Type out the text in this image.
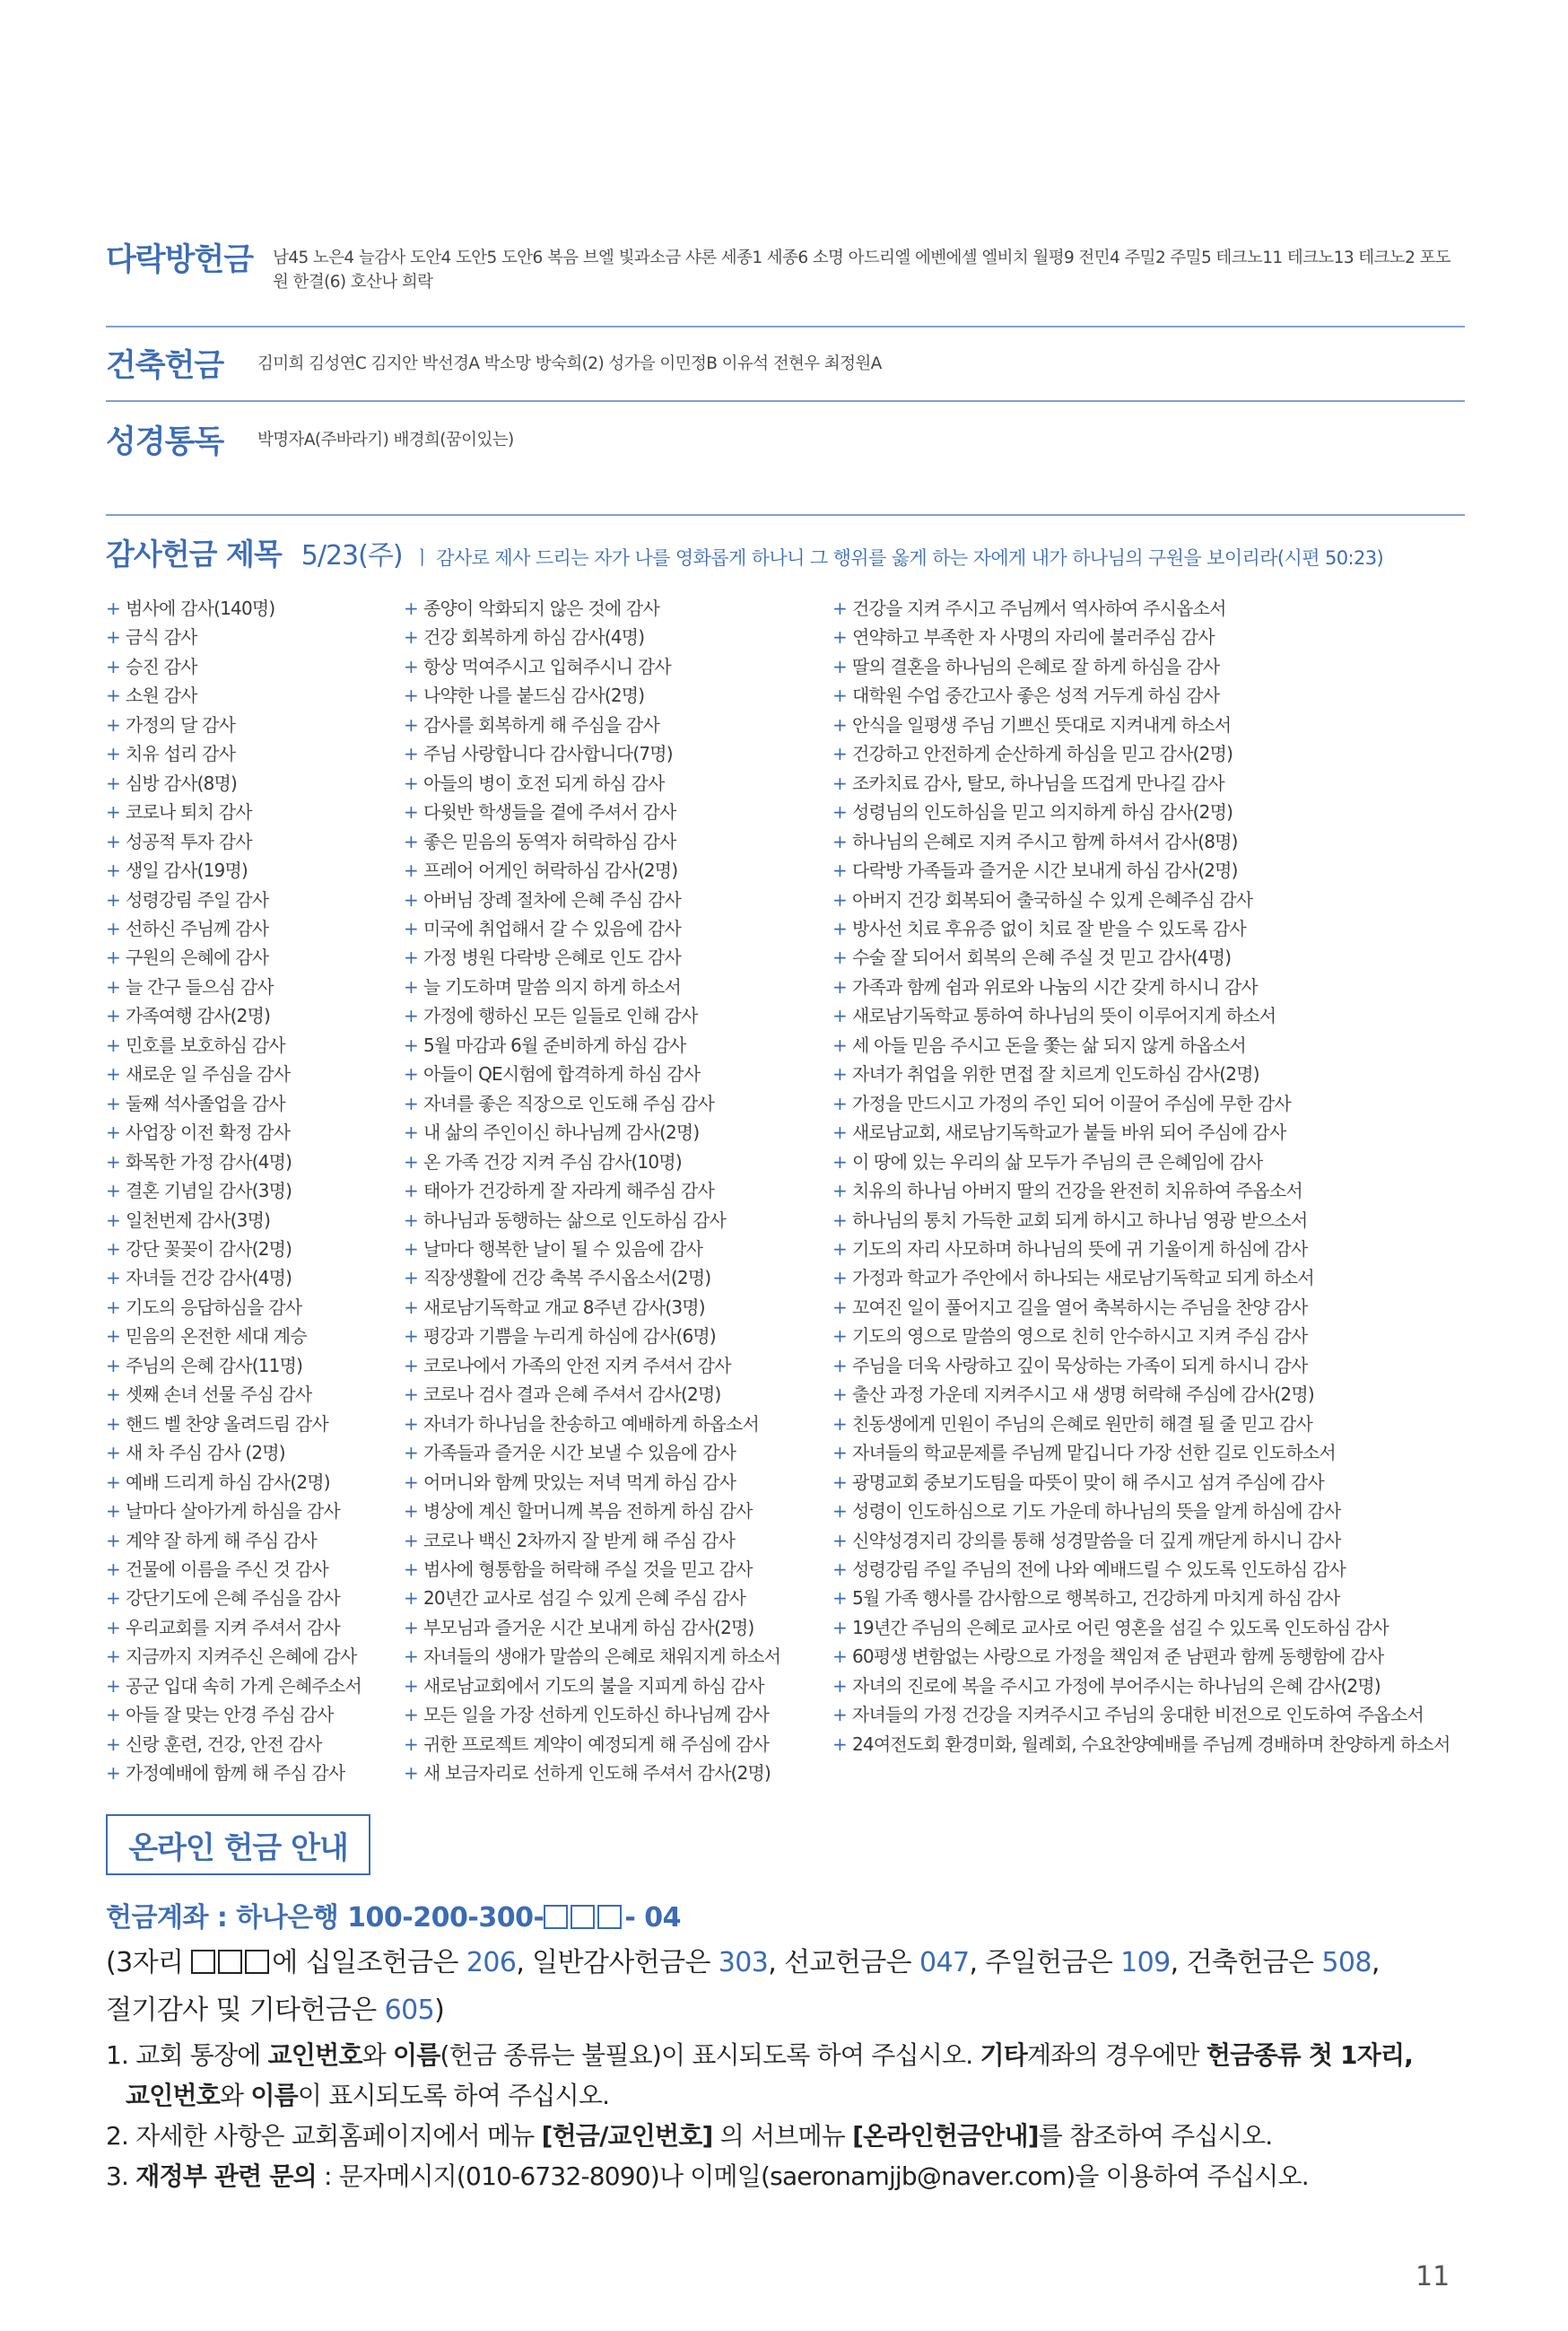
다락방헌금 남45 노은4 늘감사 도안4 도안5 도안6 복음 브엘 빛과소금 샤론 세종1 세종6 소명 아드리엘 에벤에셀 엘비치 월평9 전민4 주밀2 주밀5 테크노11 테크노13 테크노2 포도원 한결(6) 호산나 희락
건축헌금 김미희 김성연C 김지안 박선경A 박소망 방숙희(2) 성가을 이민정B 이유석 전현우 최정원A
성경통독 박명자A(주바라기) 배경희(꿈이있는)
감사헌금 제목 5/23(주) ㅣ 감사로 제사 드리는 자가 나를 영화롭게 하나니 그 행위를 옳게 하는 자에게 내가 하나님의 구원을 보이리라(시편 50:23)
+ 범사에 감사(140명)
+ 금식 감사
+ 승진 감사
+ 소원 감사
+ 가정의 달 감사
+ 치유 섭리 감사
+ 심방 감사(8명)
+ 코로나 퇴치 감사
+ 성공적 투자 감사
+ 생일 감사(19명)
+ 성령강림 주일 감사
+ 선하신 주님께 감사
+ 구원의 은혜에 감사
+ 늘 간구 들으심 감사
+ 가족여행 감사(2명)
+ 민호를 보호하심 감사
+ 새로운 일 주심을 감사
+ 둘째 석사졸업을 감사
+ 사업장 이전 확정 감사
+ 화목한 가정 감사(4명)
+ 결혼 기념일 감사(3명)
+ 일천번제 감사(3명)
+ 강단 꽃꽂이 감사(2명)
+ 자녀들 건강 감사(4명)
+ 기도의 응답하심을 감사
+ 믿음의 온전한 세대 계승
+ 주님의 은혜 감사(11명)
+ 셋째 손녀 선물 주심 감사
+ 핸드 벨 찬양 올려드림 감사
+ 새 차 주심 감사 (2명)
+ 예배 드리게 하심 감사(2명)
+ 날마다 살아가게 하심을 감사
+ 계약 잘 하게 해 주심 감사
+ 건물에 이름을 주신 것 감사
+ 강단기도에 은혜 주심을 감사
+ 우리교회를 지켜 주셔서 감사
+ 지금까지 지켜주신 은혜에 감사
+ 공군 입대 속히 가게 은혜주소서
+ 아들 잘 맞는 안경 주심 감사
+ 신랑 훈련, 건강, 안전 감사
+ 가정예배에 함께 해 주심 감사
+ 종양이 악화되지 않은 것에 감사
+ 건강 회복하게 하심 감사(4명)
+ 항상 먹여주시고 입혀주시니 감사
+ 나약한 나를 붙드심 감사(2명)
+ 감사를 회복하게 해 주심을 감사
+ 주님 사랑합니다 감사합니다(7명)
+ 아들의 병이 호전 되게 하심 감사
+ 다윗반 학생들을 곁에 주셔서 감사
+ 좋은 믿음의 동역자 허락하심 감사
+ 프레어 어게인 허락하심 감사(2명)
+ 아버님 장례 절차에 은혜 주심 감사
+ 미국에 취업해서 갈 수 있음에 감사
+ 가정 병원 다락방 은혜로 인도 감사
+ 늘 기도하며 말씀 의지 하게 하소서
+ 가정에 행하신 모든 일들로 인해 감사
+ 5월 마감과 6월 준비하게 하심 감사
+ 아들이 QE시험에 합격하게 하심 감사
+ 자녀를 좋은 직장으로 인도해 주심 감사
+ 내 삶의 주인이신 하나님께 감사(2명)
+ 온 가족 건강 지켜 주심 감사(10명)
+ 태아가 건강하게 잘 자라게 해주심 감사
+ 하나님과 동행하는 삶으로 인도하심 감사
+ 날마다 행복한 날이 될 수 있음에 감사
+ 직장생활에 건강 축복 주시옵소서(2명)
+ 새로남기독학교 개교 8주년 감사(3명)
+ 평강과 기쁨을 누리게 하심에 감사(6명)
+ 코로나에서 가족의 안전 지켜 주셔서 감사
+ 코로나 검사 결과 은혜 주셔서 감사(2명)
+ 자녀가 하나님을 찬송하고 예배하게 하옵소서
+ 가족들과 즐거운 시간 보낼 수 있음에 감사
+ 어머니와 함께 맛있는 저녁 먹게 하심 감사
+ 병상에 계신 할머니께 복음 전하게 하심 감사
+ 코로나 백신 2차까지 잘 받게 해 주심 감사
+ 범사에 형통함을 허락해 주실 것을 믿고 감사
+ 20년간 교사로 섬길 수 있게 은혜 주심 감사
+ 부모님과 즐거운 시간 보내게 하심 감사(2명)
+ 자녀들의 생애가 말씀의 은혜로 채워지게 하소서
+ 새로남교회에서 기도의 불을 지피게 하심 감사
+ 모든 일을 가장 선하게 인도하신 하나님께 감사
+ 귀한 프로젝트 계약이 예정되게 해 주심에 감사
+ 새 보금자리로 선하게 인도해 주셔서 감사(2명)
+ 건강을 지켜 주시고 주님께서 역사하여 주시옵소서
+ 연약하고 부족한 자 사명의 자리에 불러주심 감사
+ 딸의 결혼을 하나님의 은혜로 잘 하게 하심을 감사
+ 대학원 수업 중간고사 좋은 성적 거두게 하심 감사
+ 안식을 일평생 주님 기쁘신 뜻대로 지켜내게 하소서
+ 건강하고 안전하게 순산하게 하심을 믿고 감사(2명)
+ 조카치료 감사, 탈모, 하나님을 뜨겁게 만나길 감사
+ 성령님의 인도하심을 믿고 의지하게 하심 감사(2명)
+ 하나님의 은혜로 지켜 주시고 함께 하셔서 감사(8명)
+ 다락방 가족들과 즐거운 시간 보내게 하심 감사(2명)
+ 아버지 건강 회복되어 출국하실 수 있게 은혜주심 감사
+ 방사선 치료 후유증 없이 치료 잘 받을 수 있도록 감사
+ 수술 잘 되어서 회복의 은혜 주실 것 믿고 감사(4명)
+ 가족과 함께 쉼과 위로와 나눔의 시간 갖게 하시니 감사
+ 새로남기독학교 통하여 하나님의 뜻이 이루어지게 하소서
+ 세 아들 믿음 주시고 돈을 쫓는 삶 되지 않게 하옵소서
+ 자녀가 취업을 위한 면접 잘 치르게 인도하심 감사(2명)
+ 가정을 만드시고 가정의 주인 되어 이끌어 주심에 무한 감사
+ 새로남교회, 새로남기독학교가 붙들 바위 되어 주심에 감사
+ 이 땅에 있는 우리의 삶 모두가 주님의 큰 은혜임에 감사
+ 치유의 하나님 아버지 딸의 건강을 완전히 치유하여 주옵소서
+ 하나님의 통치 가득한 교회 되게 하시고 하나님 영광 받으소서
+ 기도의 자리 사모하며 하나님의 뜻에 귀 기울이게 하심에 감사
+ 가정과 학교가 주안에서 하나되는 새로남기독학교 되게 하소서
+ 꼬여진 일이 풀어지고 길을 열어 축복하시는 주님을 찬양 감사
+ 기도의 영으로 말씀의 영으로 친히 안수하시고 지켜 주심 감사
+ 주님을 더욱 사랑하고 깊이 묵상하는 가족이 되게 하시니 감사
+ 출산 과정 가운데 지켜주시고 새 생명 허락해 주심에 감사(2명)
+ 친동생에게 민원이 주님의 은혜로 원만히 해결 될 줄 믿고 감사
+ 자녀들의 학교문제를 주님께 맡깁니다 가장 선한 길로 인도하소서
+ 광명교회 중보기도팀을 따뜻이 맞이 해 주시고 섬겨 주심에 감사
+ 성령이 인도하심으로 기도 가운데 하나님의 뜻을 알게 하심에 감사
+ 신약성경지리 강의를 통해 성경말씀을 더 깊게 깨닫게 하시니 감사
+ 성령강림 주일 주님의 전에 나와 예배드릴 수 있도록 인도하심 감사
+ 5월 가족 행사를 감사함으로 행복하고, 건강하게 마치게 하심 감사
+ 19년간 주님의 은혜로 교사로 어린 영혼을 섬길 수 있도록 인도하심 감사
+ 60평생 변함없는 사랑으로 가정을 책임져 준 남편과 함께 동행함에 감사
+ 자녀의 진로에 복을 주시고 가정에 부어주시는 하나님의 은혜 감사(2명)
+ 자녀들의 가정 건강을 지켜주시고 주님의 웅대한 비전으로 인도하여 주옵소서
+ 24여전도회 환경미화, 월례회, 수요찬양예배를 주님께 경배하며 찬양하게 하소서
온라인 헌금 안내
헌금계좌 : 하나은행 100-200-300-	- 04
(3자리	에 십일조헌금은 206, 일반감사헌금은 303, 선교헌금은 047, 주일헌금은 109, 건축헌금은 508,
절기감사 및 기타헌금은 605)
1. 교회 통장에 교인번호와 이름(헌금 종류는 불필요)이 표시되도록 하여 주십시오. 기타계좌의 경우에만 헌금종류 첫 1자리,
교인번호와 이름이 표시되도록 하여 주십시오.
2. 자세한 사항은 교회홈페이지에서 메뉴 [헌금/교인번호] 의 서브메뉴 [온라인헌금안내]를 참조하여 주십시오.
3. 재정부 관련 문의 : 문자메시지(010-6732-8090)나 이메일(saeronamjjb@naver.com)을 이용하여 주십시오.
11
